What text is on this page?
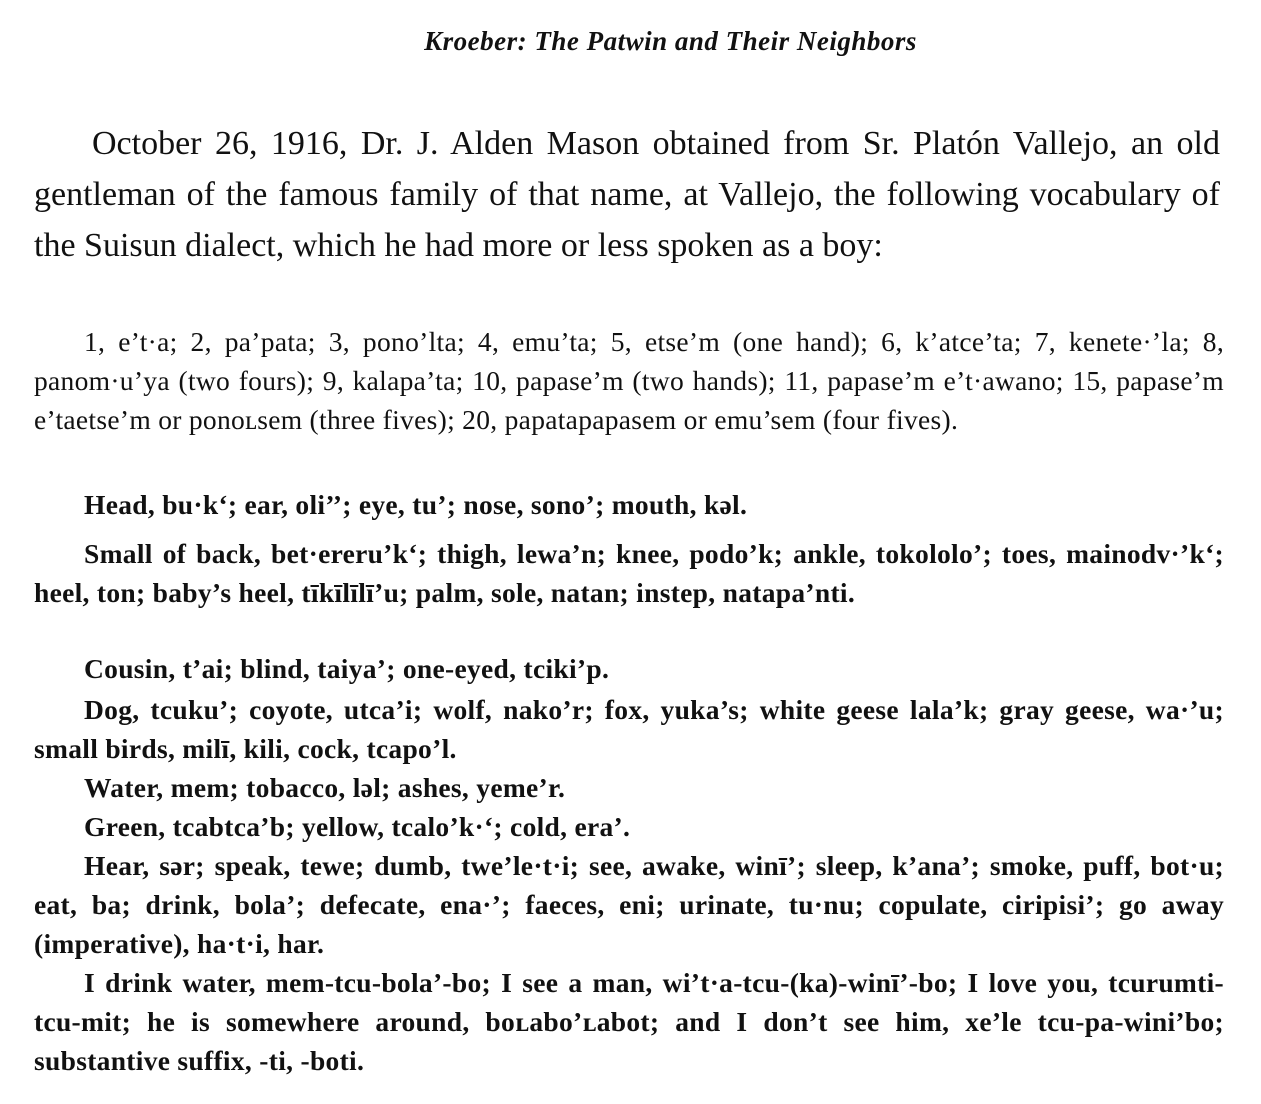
Kroeber: The Patwin and Their Neighbors

October 26, 1916, Dr. J. Alden Mason obtained from Sr. Platón Vallejo, an old gentleman of the famous family of that name, at Vallejo, the following vocabulary of the Suisun dialect, which he had more or less spoken as a boy:

1, e’t·a; 2, pa’pata; 3, pono’lta; 4, emu’ta; 5, etse’m (one hand); 6, k’atce’ta; 7, kenete·’la; 8, panom·u’ya (two fours); 9, kalapa’ta; 10, papase’m (two hands); 11, papase’m e’t·awano; 15, papase’m e’taetse’m or ponoʟsem (three fives); 20, papatapapasem or emu’sem (four fives).

Head, bu·k‘; ear, oli’’; eye, tu’; nose, sono’; mouth, kəl.

Small of back, bet·ereru’k‘; thigh, lewa’n; knee, podo’k; ankle, tokololo’; toes, mainodv·’k‘; heel, ton; baby’s heel, tīkīlīlī’u; palm, sole, natan; instep, natapa’nti.

Cousin, t’ai; blind, taiya’; one-eyed, tciki’p.

Dog, tcuku’; coyote, utca’i; wolf, nako’r; fox, yuka’s; white geese lala’k; gray geese, wa·’u; small birds, milī, kili, cock, tcapo’l.

Water, mem; tobacco, ləl; ashes, yeme’r.

Green, tcabtca’b; yellow, tcalo’k·‘; cold, era’.

Hear, sər; speak, tewe; dumb, twe’le·t·i; see, awake, winī’; sleep, k’ana’; smoke, puff, bot·u; eat, ba; drink, bola’; defecate, ena·’; faeces, eni; urinate, tu·nu; copulate, ciripisi’; go away (imperative), ha·t·i, har.

I drink water, mem-tcu-bola’-bo; I see a man, wi’t·a-tcu-(ka)-winī’-bo; I love you, tcurumti-tcu-mit; he is somewhere around, boʟabo’ʟabot; and I don’t see him, xe’le tcu-pa-wini’bo; substantive suffix, -ti, -boti.
